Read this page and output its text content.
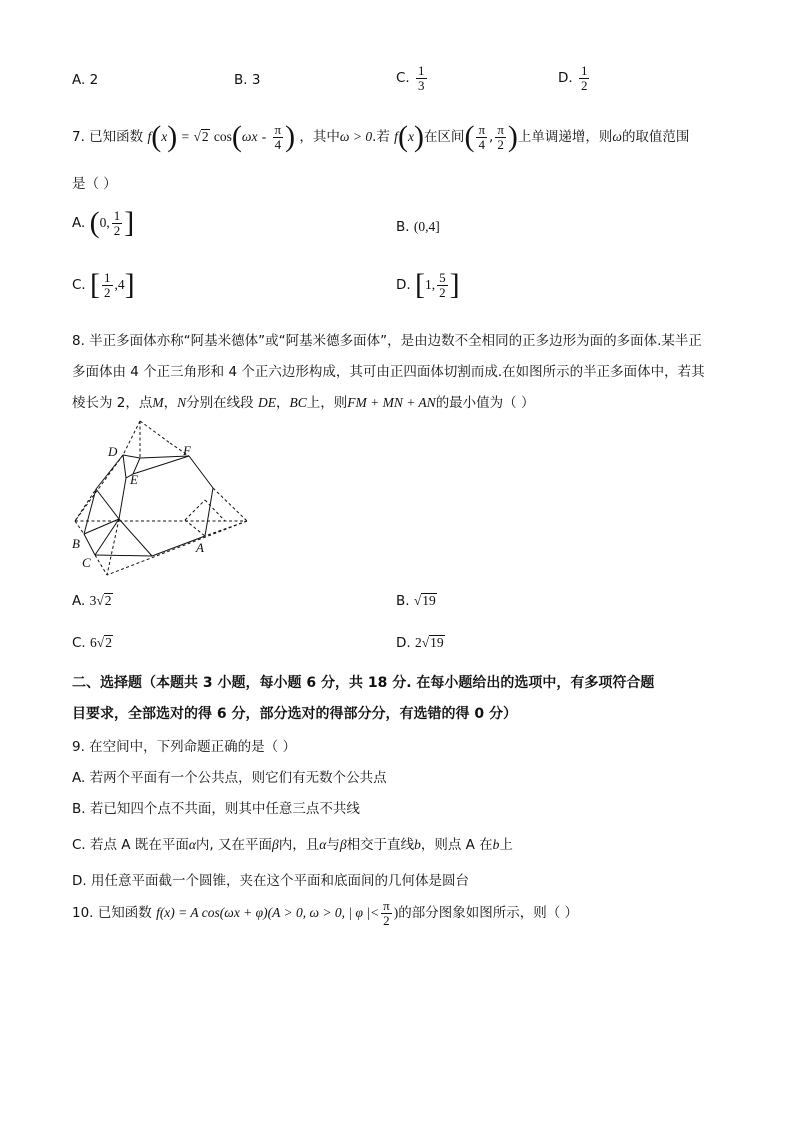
A. 2	B. 3	C. $\frac{1}{3}$	D. $\frac{1}{2}$
7. 已知函数 f(x) = √2 $\cos(\omega x - \frac{\pi}{4}$ ) ，其中ω > 0.若 f(x)在区间( $\frac{\pi}{4}$ , $\frac{\pi}{2}$ )上单调递增，则ω的取值范围
是（ ）
A. (0, $\frac{1}{2}$ ]	B. (0,4]
C. [ $\frac{1}{2} ,4$]	D. [1, $\frac{5}{2}$ ]
8. 半正多面体亦称“阿基米德体”或“阿基米德多面体”，是由边数不全相同的正多边形为面的多面体.某半正
多面体由 4 个正三角形和 4 个正六边形构成，其可由正四面体切割而成.在如图所示的半正多面体中，若其
棱长为 2，点M，N分别在线段 DE，BC上，则FM + MN + AN的最小值为（ ）
D	F
E
B
C
A
A. 3√2	B. √19
C. 6√2	D. 2√19
二、选择题（本题共 3 小题，每小题 6 分，共 18 分. 在每小题给出的选项中，有多项符合题
目要求，全部选对的得 6 分，部分选对的得部分分，有选错的得 0 分）
9. 在空间中，下列命题正确的是（ ）
A. 若两个平面有一个公共点，则它们有无数个公共点
B. 若已知四个点不共面，则其中任意三点不共线
C. 若点 A 既在平面α内, 又在平面β内，且α与β相交于直线b，则点 A 在b上
D. 用任意平面截一个圆锥，夹在这个平面和底面间的几何体是圆台
10. 已知函数 f(x) = A cos(ωx + φ)(A > 0, ω > 0, | φ |< $\frac{\pi}{2}$ )的部分图象如图所示，则（ ）
